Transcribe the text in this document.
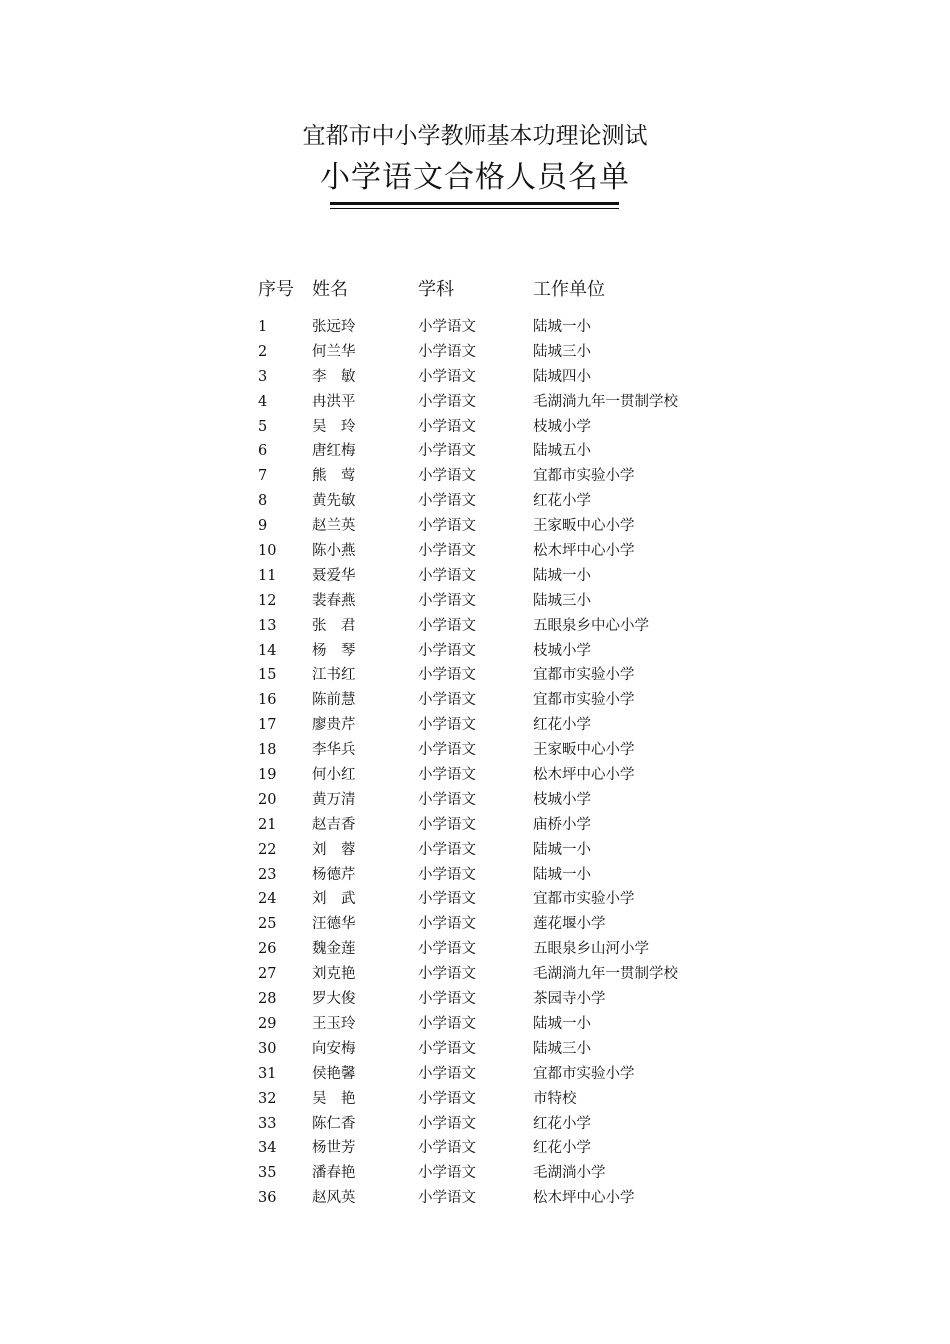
宜都市中小学教师基本功理论测试
小学语文合格人员名单
序号 姓名	学科	工作单位
1	张远玲	小学语文	陆城一小
2	何兰华	小学语文	陆城三小
3	李　敏	小学语文	陆城四小
4	冉洪平	小学语文	毛湖淌九年一贯制学校
5	吴　玲	小学语文	枝城小学
6	唐红梅	小学语文	陆城五小
7	熊　莺	小学语文	宜都市实验小学
8	黄先敏	小学语文	红花小学
9	赵兰英	小学语文	王家畈中心小学
10 陈小燕	小学语文	松木坪中心小学
11 聂爱华	小学语文	陆城一小
12 裴春燕	小学语文	陆城三小
13 张　君	小学语文	五眼泉乡中心小学
14 杨　琴	小学语文	枝城小学
15 江书红	小学语文	宜都市实验小学
16 陈前慧	小学语文	宜都市实验小学
17 廖贵芹	小学语文	红花小学
18 李华兵	小学语文	王家畈中心小学
19 何小红	小学语文	松木坪中心小学
20 黄万清	小学语文	枝城小学
21 赵吉香	小学语文	庙桥小学
22 刘　蓉	小学语文	陆城一小
23 杨德芹	小学语文	陆城一小
24 刘　武	小学语文	宜都市实验小学
25 汪德华	小学语文	莲花堰小学
26 魏金莲	小学语文	五眼泉乡山河小学
27 刘克艳	小学语文	毛湖淌九年一贯制学校
28 罗大俊	小学语文	茶园寺小学
29 王玉玲	小学语文	陆城一小
30 向安梅	小学语文	陆城三小
31 侯艳馨	小学语文	宜都市实验小学
32 吴　艳	小学语文	市特校
33 陈仁香	小学语文	红花小学
34 杨世芳	小学语文	红花小学
35 潘春艳	小学语文	毛湖淌小学
36 赵风英	小学语文	松木坪中心小学
